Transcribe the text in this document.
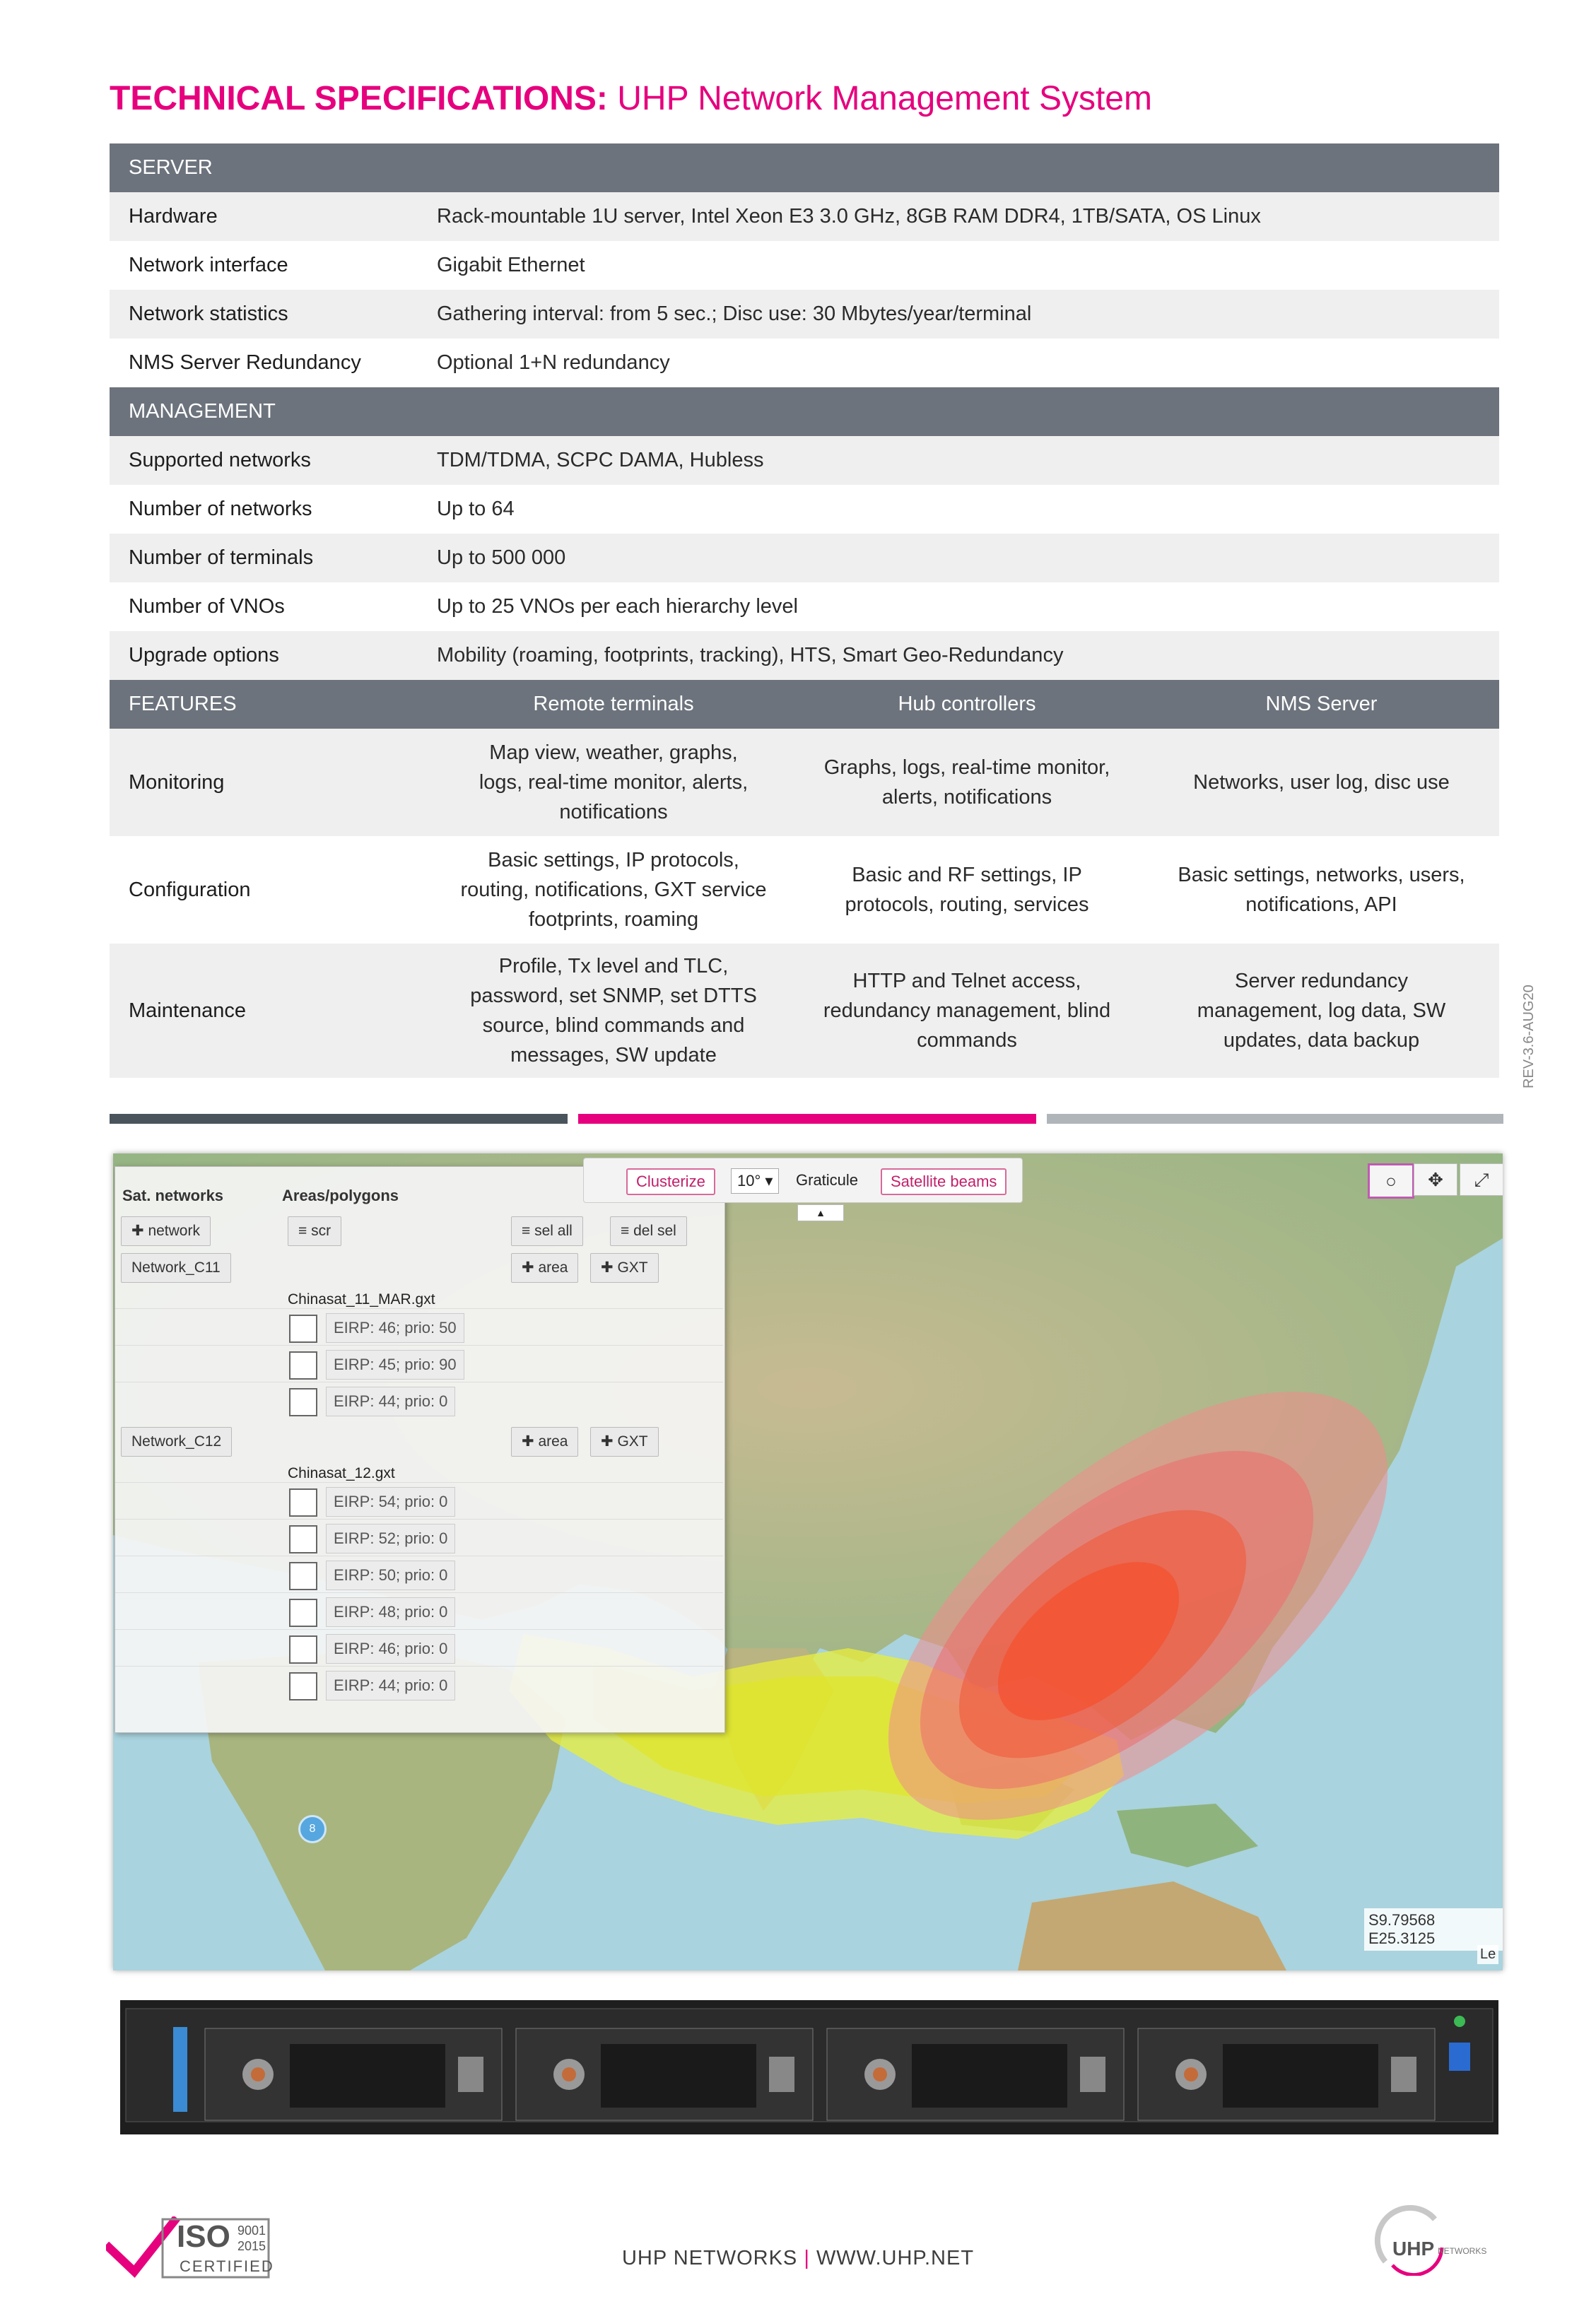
TECHNICAL SPECIFICATIONS: UHP Network Management System
SERVER			
Hardware	Rack-mountable 1U server, Intel Xeon E3 3.0 GHz, 8GB RAM DDR4, 1TB/SATA, OS Linux		
Network interface	Gigabit Ethernet		
Network statistics	Gathering interval: from 5 sec.; Disc use: 30 Mbytes/year/terminal		
NMS Server Redundancy	Optional 1+N redundancy		
MANAGEMENT			
Supported networks	TDM/TDMA, SCPC DAMA, Hubless		
Number of networks	Up to 64		
Number of terminals	Up to 500 000		
Number of VNOs	Up to 25 VNOs per each hierarchy level		
Upgrade options	Mobility (roaming, footprints, tracking), HTS, Smart Geo-Redundancy		
FEATURES	Remote terminals	Hub controllers	NMS Server
Monitoring	Map view, weather, graphs, logs, real-time monitor, alerts, notifications	Graphs, logs, real-time monitor, alerts, notifications	Networks, user log, disc use
Configuration	Basic settings, IP protocols, routing, notifications, GXT service footprints, roaming	Basic and RF settings, IP protocols, routing, services	Basic settings, networks, users, notifications, API
Maintenance	Profile, Tx level and TLC, password, set SNMP, set DTTS source, blind commands and messages, SW update	HTTP and Telnet access, redundancy management, blind commands	Server redundancy management, log data, SW updates, data backup	REV-3.6-AUG20
Sat. networks	Areas/polygons
✚ network	≡ scr	≡ sel all	≡ del sel
Network_C11	✚ area	✚ GXT
Chinasat_11_MAR.gxt
EIRP: 46; prio: 50
EIRP: 45; prio: 90
EIRP: 44; prio: 0
Network_C12	✚ area	✚ GXT
Chinasat_12.gxt
EIRP: 54; prio: 0
EIRP: 52; prio: 0
EIRP: 50; prio: 0
EIRP: 48; prio: 0
EIRP: 46; prio: 0
EIRP: 44; prio: 0
Clusterize	10° ▾	Graticule	Satellite beams
▲
○	✥	⤢
8
S9.79568 E25.3125
Le
ISO 9001
2015
CERTIFIED	UHP NETWORKS | WWW.UHP.NET	UHP NETWORKS
